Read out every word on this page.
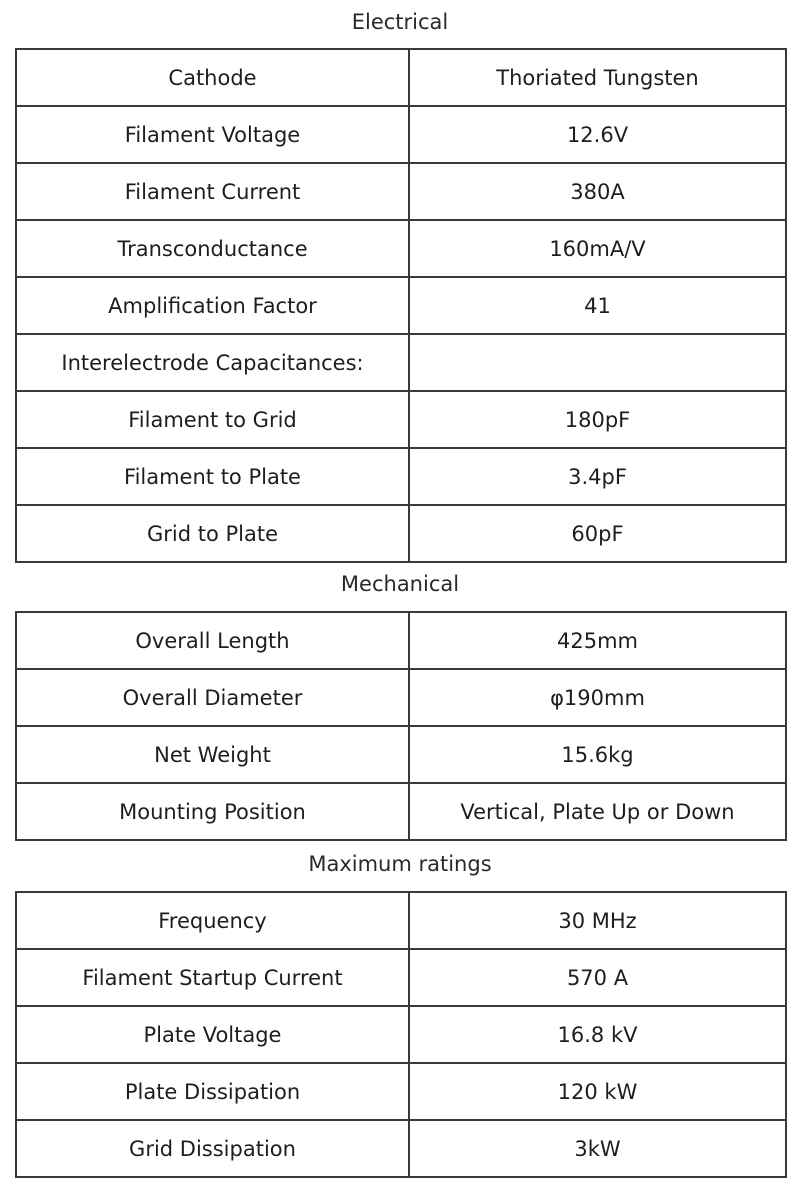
Electrical
Cathode	Thoriated Tungsten
Filament Voltage	12.6V
Filament Current	380A
Transconductance	160mA/V
Amplification Factor	41
Interelectrode Capacitances:	
Filament to Grid	180pF
Filament to Plate	3.4pF
Grid to Plate	60pF
Mechanical
Overall Length	425mm
Overall Diameter	φ190mm
Net Weight	15.6kg
Mounting Position	Vertical, Plate Up or Down
Maximum ratings
Frequency	30 MHz
Filament Startup Current	570 A
Plate Voltage	16.8 kV
Plate Dissipation	120 kW
Grid Dissipation	3kW
